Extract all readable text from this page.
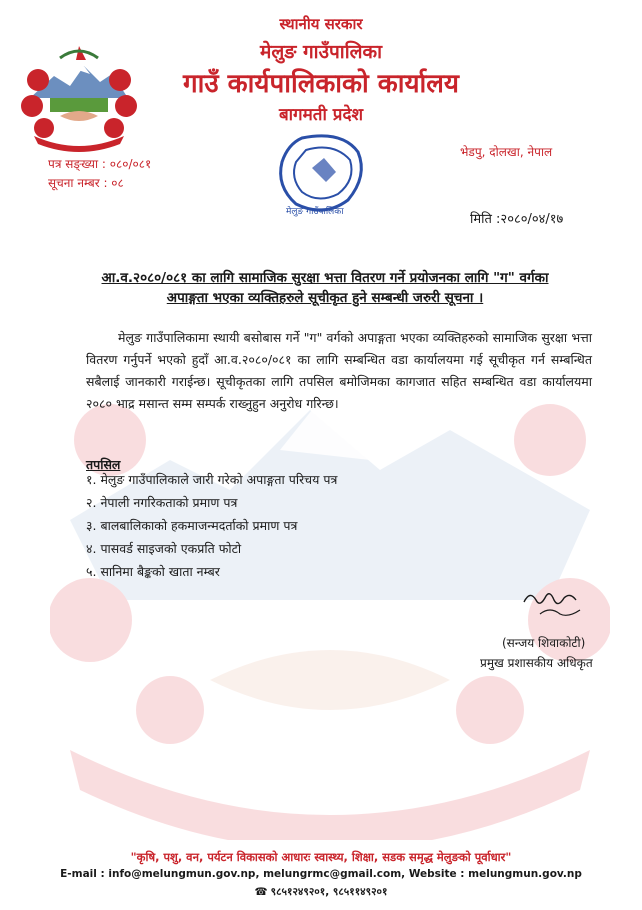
स्थानीय सरकार
मेलुङ गाउँपालिका
गाउँ कार्यपालिकाको कार्यालय
बागमती प्रदेश
मेलुङ गाउँपालिका
पत्र सङ्ख्या : ०८०/०८१
सूचना नम्बर : ०८
भेडपु, दोलखा, नेपाल
मिति :२०८०/०४/१७
आ.व.२०८०/०८१ का लागि सामाजिक सुरक्षा भत्ता वितरण गर्ने प्रयोजनका लागि "ग" वर्गका
अपाङ्गता भएका व्यक्तिहरुले सूचीकृत हुने सम्बन्धी जरुरी सूचना ।
मेलुङ गाउँपालिकामा स्थायी बसोबास गर्ने "ग" वर्गको अपाङ्गता भएका व्यक्तिहरुको सामाजिक सुरक्षा भत्ता वितरण गर्नुपर्ने भएको हुदाँ आ.व.२०८०/०८१ का लागि सम्बन्धित वडा कार्यालयमा गई सूचीकृत गर्न सम्बन्धित सबैलाई जानकारी गराईन्छ। सूचीकृतका लागि तपसिल बमोजिमका कागजात सहित सम्बन्धित वडा कार्यालयमा २०८० भाद्र मसान्त सम्म सम्पर्क राख्नुहुन अनुरोध गरिन्छ।
तपसिल
१. मेलुङ गाउँपालिकाले जारी गरेको अपाङ्गता परिचय पत्र
२. नेपाली नगरिकताको प्रमाण पत्र
३. बालबालिकाको हकमाजन्मदर्ताको प्रमाण पत्र
४. पासवर्ड साइजको एकप्रति फोटो
५. सानिमा बैङ्कको खाता नम्बर
(सन्जय शिवाकोटी)
प्रमुख प्रशासकीय अधिकृत
"कृषि, पशु, वन, पर्यटन विकासको आधारः स्वास्थ्य, शिक्षा, सडक समृद्ध मेलुङको पूर्वाधार"
E-mail : info@melungmun.gov.np, melungrmc@gmail.com, Website : melungmun.gov.np
☎ ९८५१२४९२०१, ९८५११४९२०१
